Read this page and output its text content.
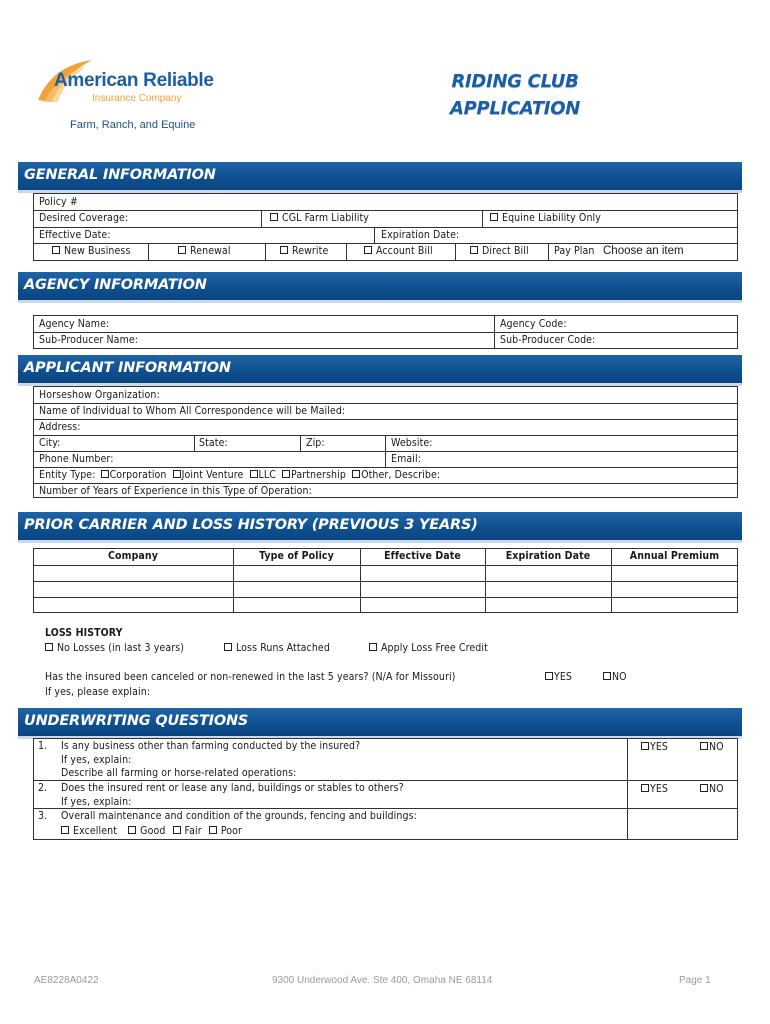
American Reliable
Insurance Company
Farm, Ranch, and Equine
RIDING CLUB
APPLICATION
GENERAL INFORMATION
Policy #
Desired Coverage:	CGL Farm Liability	Equine Liability Only
Effective Date:	Expiration Date:
New Business	Renewal	Rewrite	Account Bill	Direct Bill Pay Plan Choose an item
AGENCY INFORMATION
Agency Name:	Agency Code:
Sub-Producer Name:	Sub-Producer Code:
APPLICANT INFORMATION
Horseshow Organization:
Name of Individual to Whom All Correspondence will be Mailed:
Address:
City:	State:	Zip:	Website:
Phone Number:	Email:
Entity Type: Corporation Joint Venture LLC Partnership Other, Describe:
Number of Years of Experience in this Type of Operation:
PRIOR CARRIER AND LOSS HISTORY (PREVIOUS 3 YEARS)
Company	Type of Policy	Effective Date	Expiration Date	Annual Premium
LOSS HISTORY
No Losses (in last 3 years)	Loss Runs Attached	Apply Loss Free Credit
Has the insured been canceled or non-renewed in the last 5 years? (N/A for Missouri)
If yes, please explain:
YES	NO
UNDERWRITING QUESTIONS
1. Is any business other than farming conducted by the insured?
If yes, explain:
Describe all farming or horse-related operations:
YES	NO
2. Does the insured rent or lease any land, buildings or stables to others?
If yes, explain:
YES	NO
3. Overall maintenance and condition of the grounds, fencing and buildings:
Excellent Good Fair Poor
AE8228A0422	9300 Underwood Ave. Ste 400, Omaha NE 68114	Page 1
